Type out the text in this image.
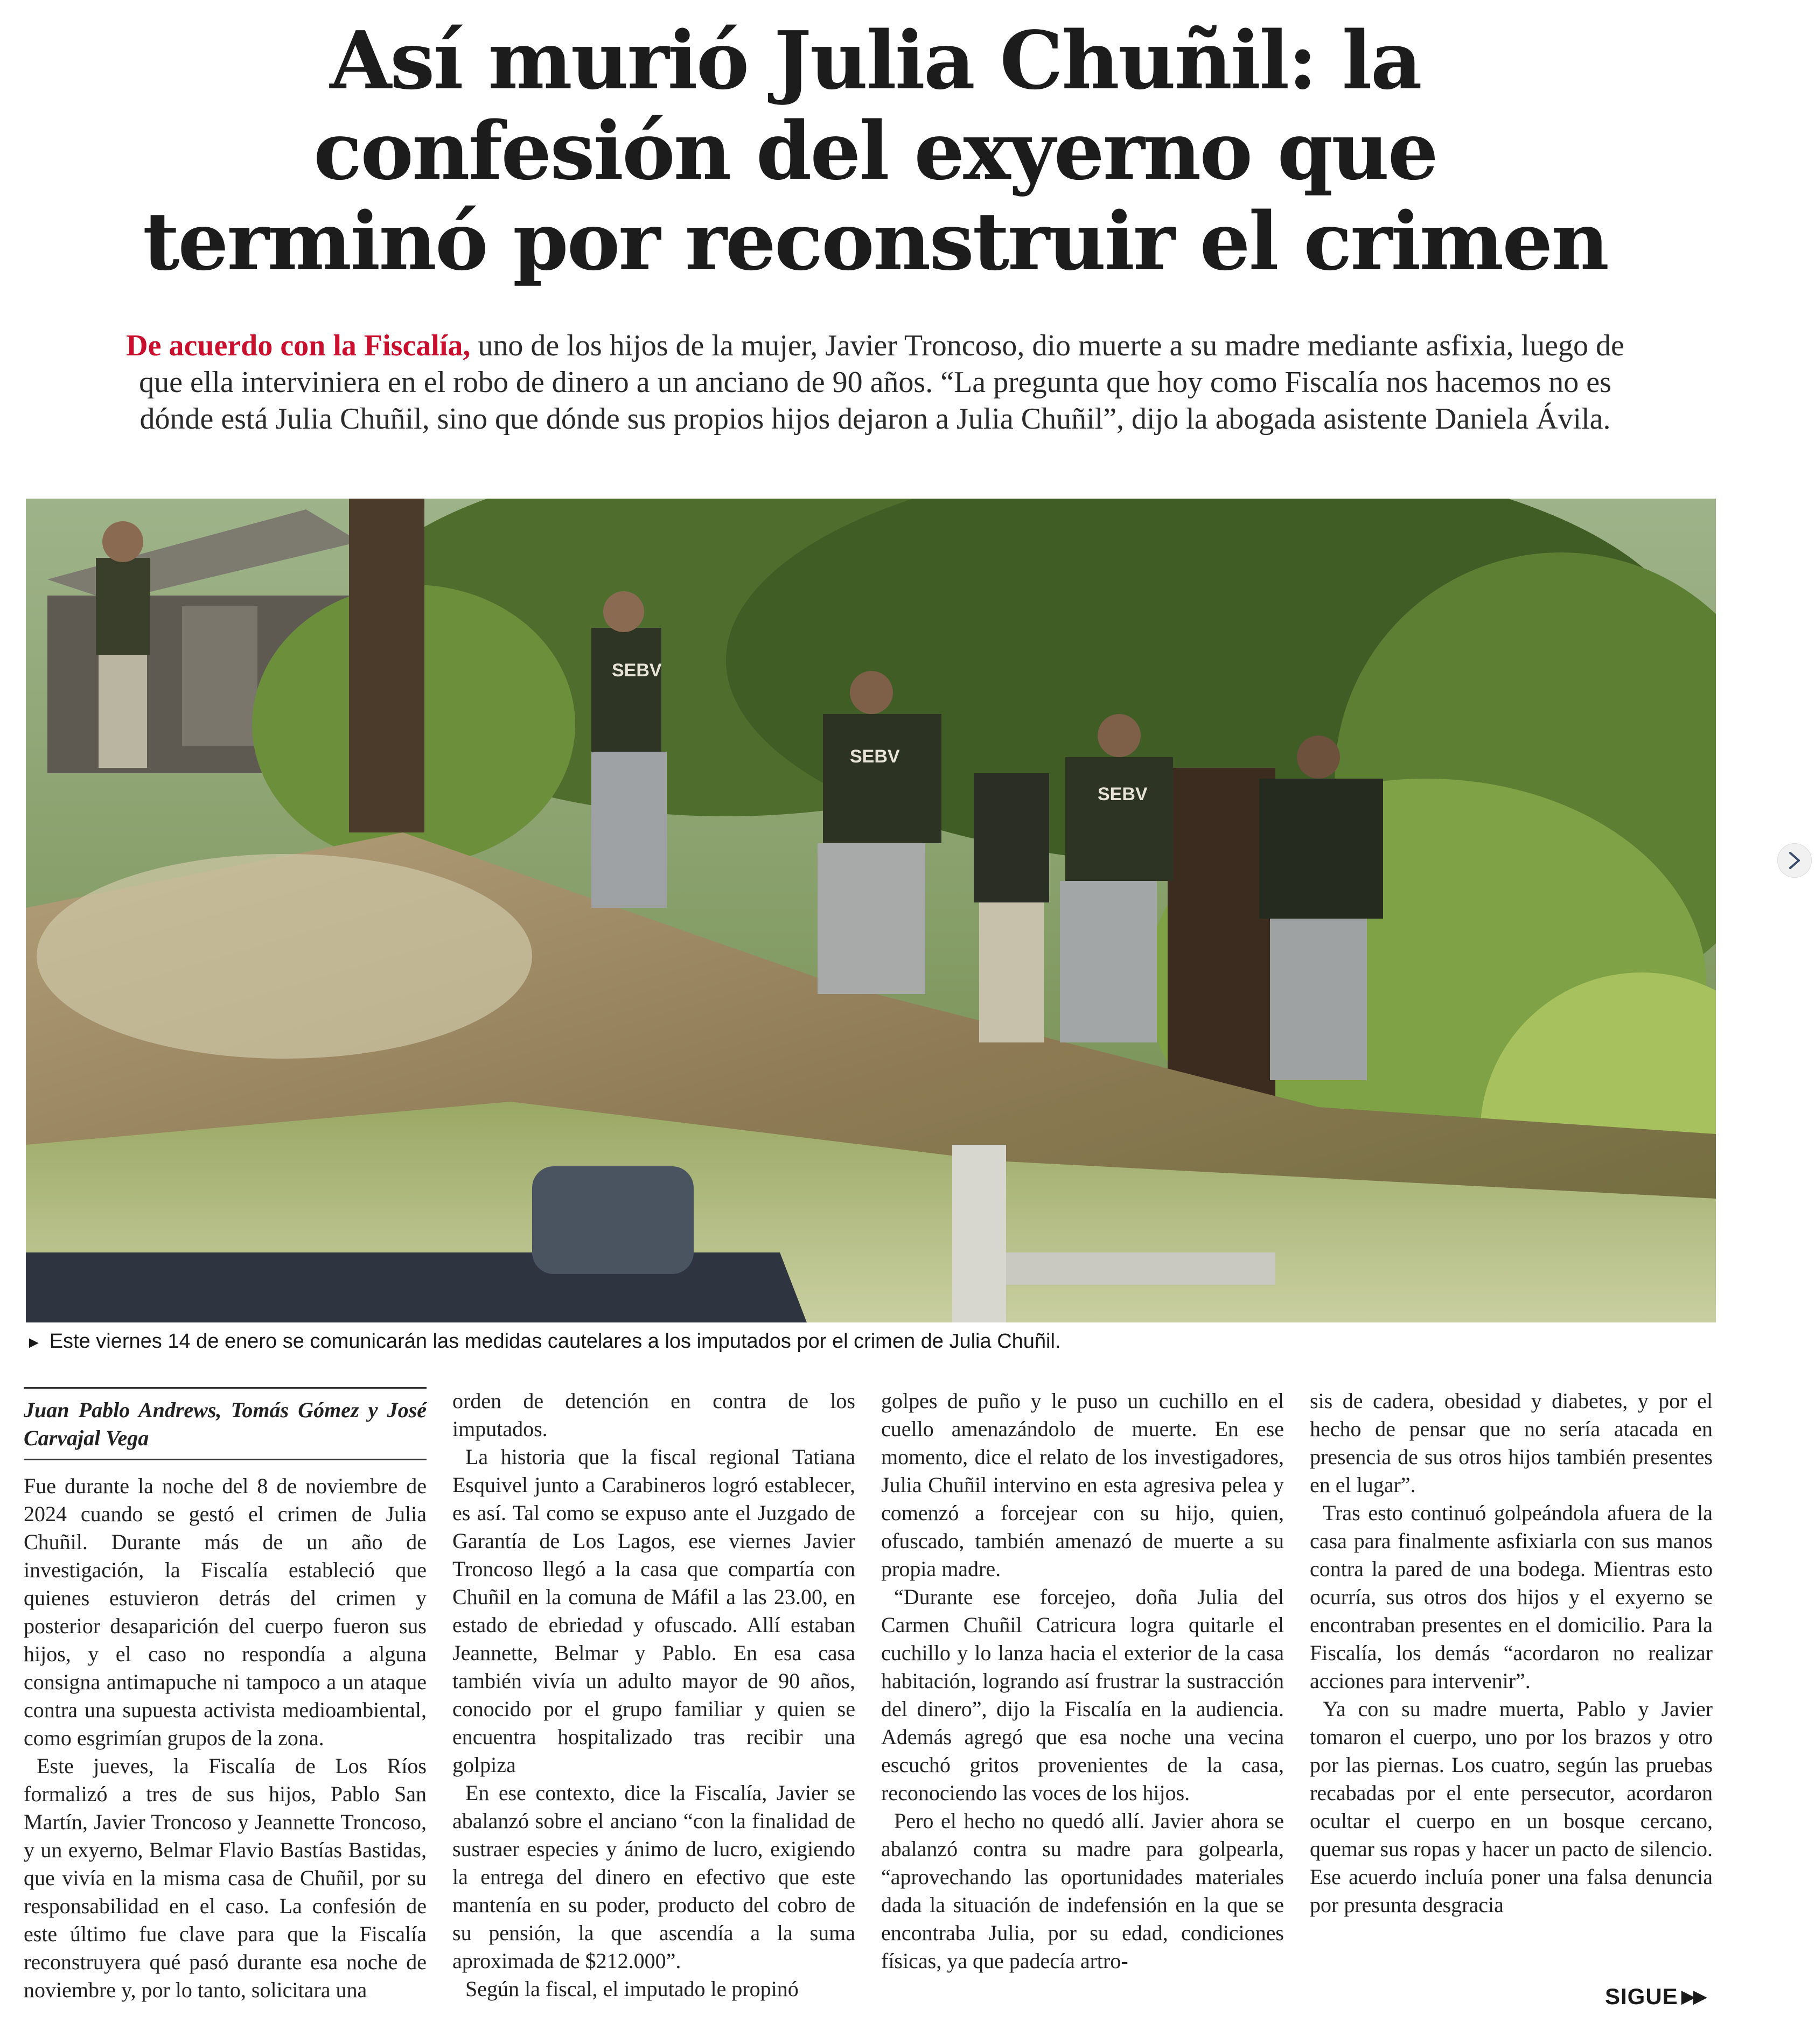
Así murió Julia Chuñil: la
confesión del exyerno que
terminó por reconstruir el crimen
De acuerdo con la Fiscalía, uno de los hijos de la mujer, Javier Troncoso, dio muerte a su madre mediante asfixia, luego de
que ella interviniera en el robo de dinero a un anciano de 90 años. “La pregunta que hoy como Fiscalía nos hacemos no es
dónde está Julia Chuñil, sino que dónde sus propios hijos dejaron a Julia Chuñil”, dijo la abogada asistente Daniela Ávila.
SEBV
SEBV
SEBV
► Este viernes 14 de enero se comunicarán las medidas cautelares a los imputados por el crimen de Julia Chuñil.
Juan Pablo Andrews, Tomás Gómez y José Carvajal Vega

Fue durante la noche del 8 de noviembre de 2024 cuando se gestó el crimen de Julia Chuñil. Durante más de un año de investigación, la Fiscalía estableció que quienes estuvieron detrás del crimen y posterior desaparición del cuerpo fueron sus hijos, y el caso no respondía a alguna consigna antimapuche ni tampoco a un ataque contra una supuesta activista medioambiental, como esgrimían grupos de la zona.

Este jueves, la Fiscalía de Los Ríos formalizó a tres de sus hijos, Pablo San Martín, Javier Troncoso y Jeannette Troncoso, y un exyerno, Belmar Flavio Bastías Bastidas, que vivía en la misma casa de Chuñil, por su responsabilidad en el caso. La confesión de este último fue clave para que la Fiscalía reconstruyera qué pasó durante esa noche de noviembre y, por lo tanto, solicitara una

orden de detención en contra de los imputados.

La historia que la fiscal regional Tatiana Esquivel junto a Carabineros logró establecer, es así. Tal como se expuso ante el Juzgado de Garantía de Los Lagos, ese viernes Javier Troncoso llegó a la casa que compartía con Chuñil en la comuna de Máfil a las 23.00, en estado de ebriedad y ofuscado. Allí estaban Jeannette, Belmar y Pablo. En esa casa también vivía un adulto mayor de 90 años, conocido por el grupo familiar y quien se encuentra hospitalizado tras recibir una golpiza

En ese contexto, dice la Fiscalía, Javier se abalanzó sobre el anciano “con la finalidad de sustraer especies y ánimo de lucro, exigiendo la entrega del dinero en efectivo que este mantenía en su poder, producto del cobro de su pensión, la que ascendía a la suma aproximada de $212.000”.

Según la fiscal, el imputado le propinó

golpes de puño y le puso un cuchillo en el cuello amenazándolo de muerte. En ese momento, dice el relato de los investigadores, Julia Chuñil intervino en esta agresiva pelea y comenzó a forcejear con su hijo, quien, ofuscado, también amenazó de muerte a su propia madre.

“Durante ese forcejeo, doña Julia del Carmen Chuñil Catricura logra quitarle el cuchillo y lo lanza hacia el exterior de la casa habitación, logrando así frustrar la sustracción del dinero”, dijo la Fiscalía en la audiencia. Además agregó que esa noche una vecina escuchó gritos provenientes de la casa, reconociendo las voces de los hijos.

Pero el hecho no quedó allí. Javier ahora se abalanzó contra su madre para golpearla, “aprovechando las oportunidades materiales dada la situación de indefensión en la que se encontraba Julia, por su edad, condiciones físicas, ya que padecía artro-

sis de cadera, obesidad y diabetes, y por el hecho de pensar que no sería atacada en presencia de sus otros hijos también presentes en el lugar”.

Tras esto continuó golpeándola afuera de la casa para finalmente asfixiarla con sus manos contra la pared de una bodega. Mientras esto ocurría, sus otros dos hijos y el exyerno se encontraban presentes en el domicilio. Para la Fiscalía, los demás “acordaron no realizar acciones para intervenir”.

Ya con su madre muerta, Pablo y Javier tomaron el cuerpo, uno por los brazos y otro por las piernas. Los cuatro, según las pruebas recabadas por el ente persecutor, acordaron ocultar el cuerpo en un bosque cercano, quemar sus ropas y hacer un pacto de silencio. Ese acuerdo incluía poner una falsa denuncia por presunta desgracia

SIGUE ▶▶
